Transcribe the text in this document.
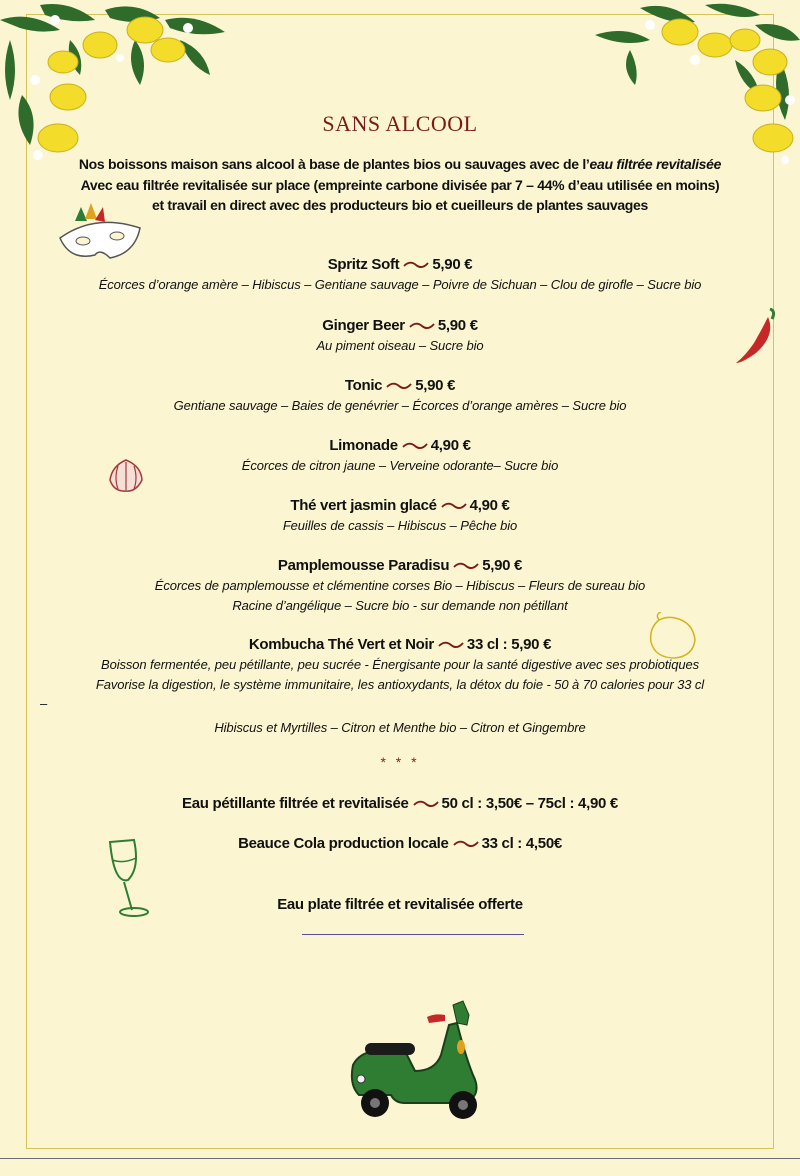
SANS ALCOOL
Nos boissons maison sans alcool à base de plantes bios ou sauvages avec de l’eau filtrée revitalisée
Avec eau filtrée revitalisée sur place (empreinte carbone divisée par 7 – 44% d’eau utilisée en moins)
et travail en direct avec des producteurs bio et cueilleurs de plantes sauvages
Spritz Soft 5,90 €
Écorces d’orange amère – Hibiscus – Gentiane sauvage – Poivre de Sichuan – Clou de girofle – Sucre bio
Ginger Beer 5,90 €
Au piment oiseau – Sucre bio
Tonic 5,90 €
Gentiane sauvage – Baies de genévrier – Écorces d’orange amères – Sucre bio
Limonade 4,90 €
Écorces de citron jaune – Verveine odorante– Sucre bio
Thé vert jasmin glacé 4,90 €
Feuilles de cassis – Hibiscus – Pêche bio
Pamplemousse Paradisu 5,90 €
Écorces de pamplemousse et clémentine corses Bio – Hibiscus – Fleurs de sureau bio
Racine d’angélique – Sucre bio - sur demande non pétillant
Kombucha Thé Vert et Noir 33 cl : 5,90 €
Boisson fermentée, peu pétillante, peu sucrée - Énergisante pour la santé digestive avec ses probiotiques
Favorise la digestion, le système immunitaire, les antioxydants, la détox du foie - 50 à 70 calories pour 33 cl
–
Hibiscus et Myrtilles – Citron et Menthe bio – Citron et Gingembre
* * *
Eau pétillante filtrée et revitalisée 50 cl : 3,50€ – 75cl : 4,90 €
Beauce Cola production locale 33 cl : 4,50€
Eau plate filtrée et revitalisée offerte
